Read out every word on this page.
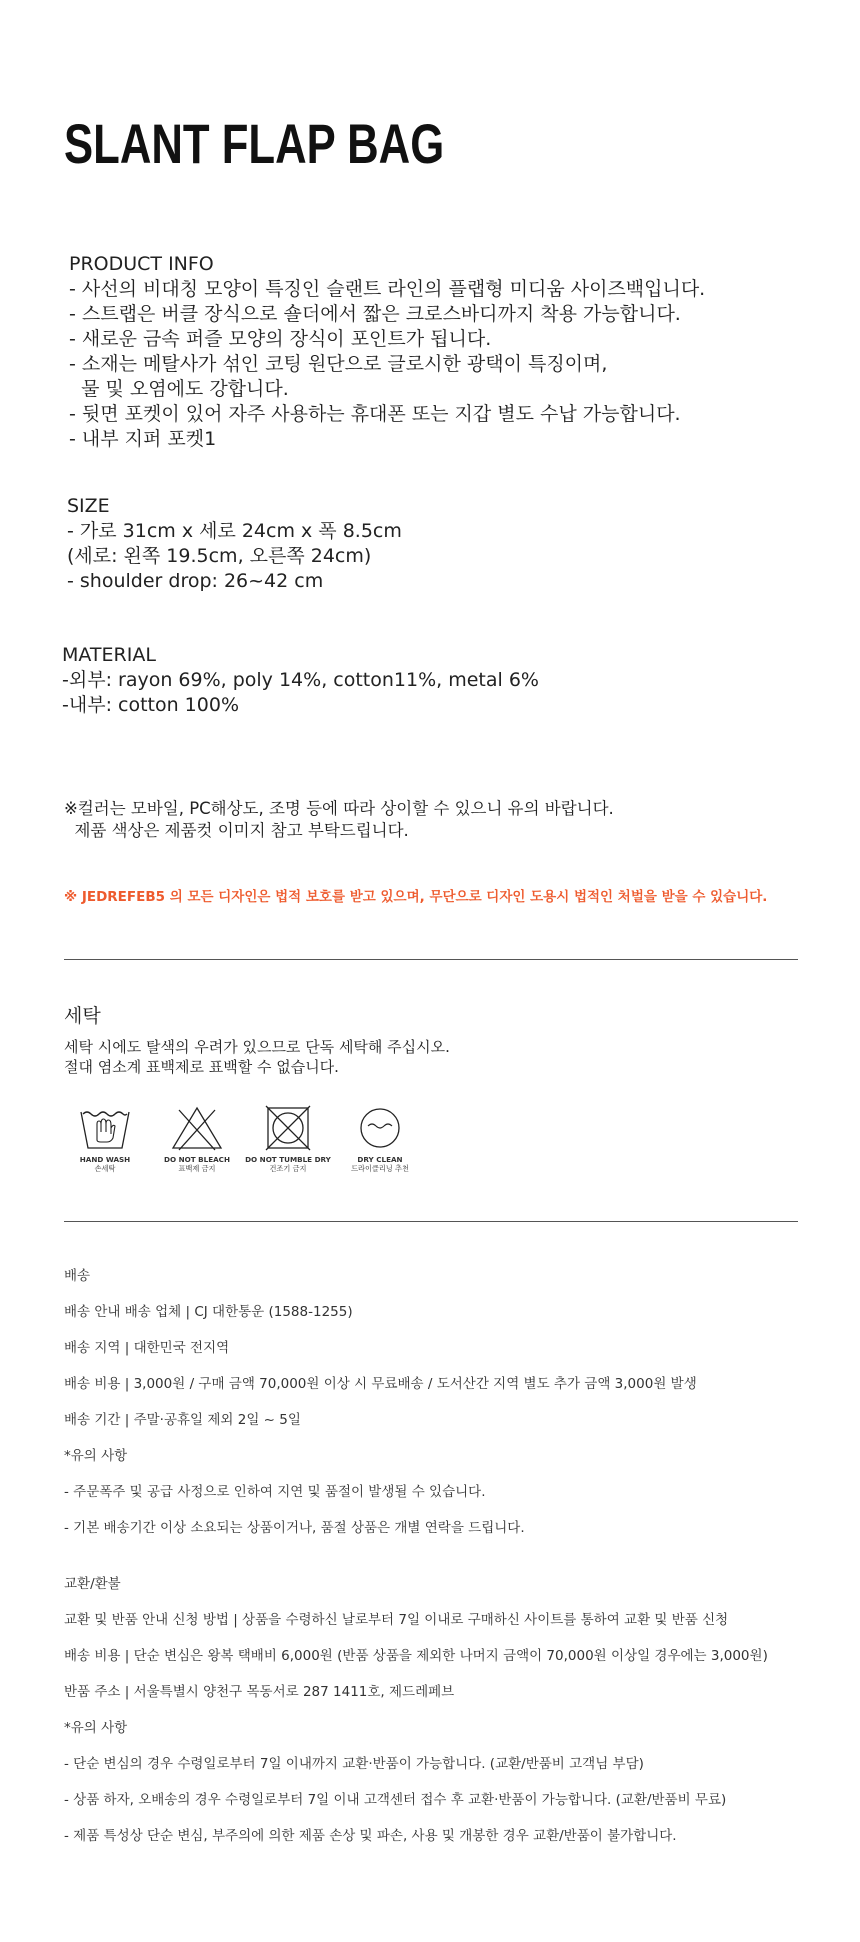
SLANT FLAP BAG
PRODUCT INFO
- 사선의 비대칭 모양이 특징인 슬랜트 라인의 플랩형 미디움 사이즈백입니다.
- 스트랩은 버클 장식으로 숄더에서 짧은 크로스바디까지 착용 가능합니다.
- 새로운 금속 퍼즐 모양의 장식이 포인트가 됩니다.
- 소재는 메탈사가 섞인 코팅 원단으로 글로시한 광택이 특징이며,
물 및 오염에도 강합니다.
- 뒷면 포켓이 있어 자주 사용하는 휴대폰 또는 지갑 별도 수납 가능합니다.
- 내부 지퍼 포켓1
SIZE
- 가로 31cm x 세로 24cm x 폭 8.5cm
(세로: 왼쪽 19.5cm, 오른쪽 24cm)
- shoulder drop: 26~42 cm
MATERIAL
-외부: rayon 69%, poly 14%, cotton11%, metal 6%
-내부: cotton 100%
※컬러는 모바일, PC해상도, 조명 등에 따라 상이할 수 있으니 유의 바랍니다.
제품 색상은 제품컷 이미지 참고 부탁드립니다.
※ JEDREFEB5 의 모든 디자인은 법적 보호를 받고 있으며, 무단으로 디자인 도용시 법적인 처벌을 받을 수 있습니다.
세탁
세탁 시에도 탈색의 우려가 있으므로 단독 세탁해 주십시오.
절대 염소계 표백제로 표백할 수 없습니다.
HAND WASH
손세탁
DO NOT BLEACH
표백제 금지
DO NOT TUMBLE DRY
건조기 금지
DRY CLEAN
드라이클리닝 추천
배송
배송 안내 배송 업체 | CJ 대한통운 (1588-1255)
배송 지역 | 대한민국 전지역
배송 비용 | 3,000원 / 구매 금액 70,000원 이상 시 무료배송 / 도서산간 지역 별도 추가 금액 3,000원 발생
배송 기간 | 주말·공휴일 제외 2일 ~ 5일
*유의 사항
- 주문폭주 및 공급 사정으로 인하여 지연 및 품절이 발생될 수 있습니다.
- 기본 배송기간 이상 소요되는 상품이거나, 품절 상품은 개별 연락을 드립니다.
교환/환불
교환 및 반품 안내 신청 방법 | 상품을 수령하신 날로부터 7일 이내로 구매하신 사이트를 통하여 교환 및 반품 신청
배송 비용 | 단순 변심은 왕복 택배비 6,000원 (반품 상품을 제외한 나머지 금액이 70,000원 이상일 경우에는 3,000원)
반품 주소 | 서울특별시 양천구 목동서로 287 1411호, 제드레페브
*유의 사항
- 단순 변심의 경우 수령일로부터 7일 이내까지 교환·반품이 가능합니다. (교환/반품비 고객님 부담)
- 상품 하자, 오배송의 경우 수령일로부터 7일 이내 고객센터 접수 후 교환·반품이 가능합니다. (교환/반품비 무료)
- 제품 특성상 단순 변심, 부주의에 의한 제품 손상 및 파손, 사용 및 개봉한 경우 교환/반품이 불가합니다.
